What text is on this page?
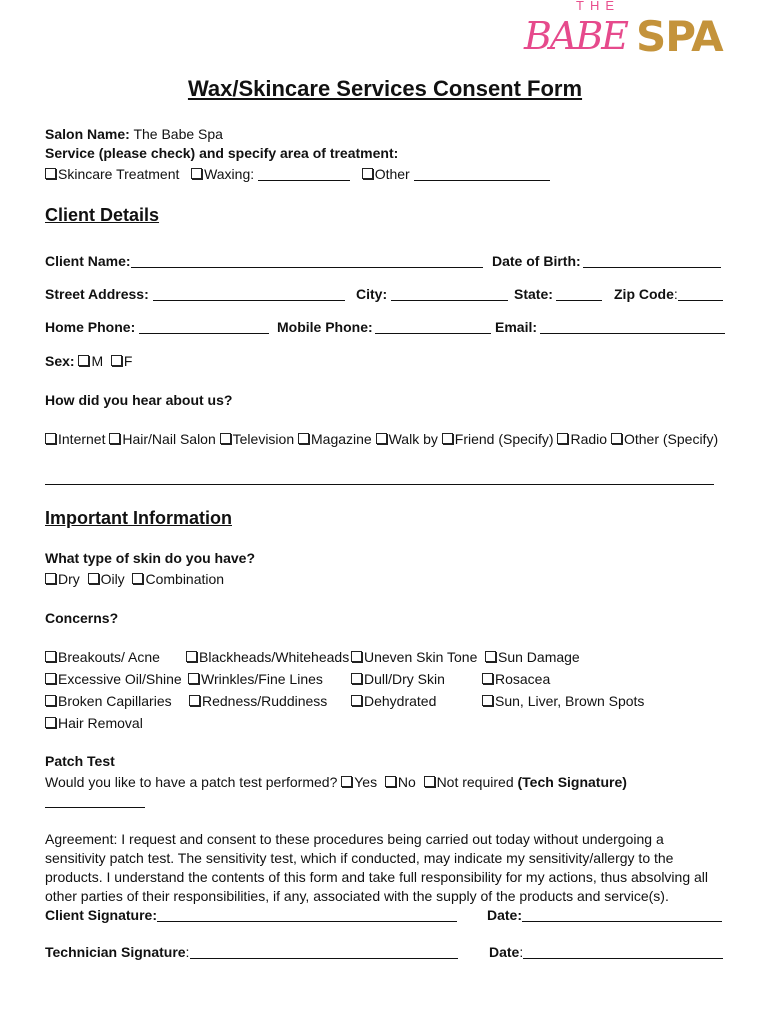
THE
BABE SPA
Wax/Skincare Services Consent Form
Salon Name: The Babe Spa
Service (please check) and specify area of treatment:
Skincare Treatment Waxing:	Other
Client Details
Client Name:	Date of Birth:
Street Address:	City:	State:	Zip Code:
Home Phone:	Mobile Phone:	Email:
Sex: M F
How did you hear about us?
Internet Hair/Nail Salon Television Magazine Walk by Friend (Specify) Radio Other (Specify)
Important Information
What type of skin do you have?
Dry Oily Combination
Concerns?
Breakouts/ Acne	Blackheads/Whiteheads	Uneven Skin Tone	Sun Damage
Excessive Oil/Shine	Wrinkles/Fine Lines	Dull/Dry Skin	Rosacea
Broken Capillaries	Redness/Ruddiness	Dehydrated	Sun, Liver, Brown Spots
Hair Removal
Patch Test
Would you like to have a patch test performed? Yes No Not required (Tech Signature)
Agreement: I request and consent to these procedures being carried out today without undergoing a sensitivity patch test. The sensitivity test, which if conducted, may indicate my sensitivity/allergy to the products. I understand the contents of this form and take full responsibility for my actions, thus absolving all other parties of their responsibilities, if any, associated with the supply of the products and service(s).
Client Signature:	Date:
Technician Signature:	Date:
